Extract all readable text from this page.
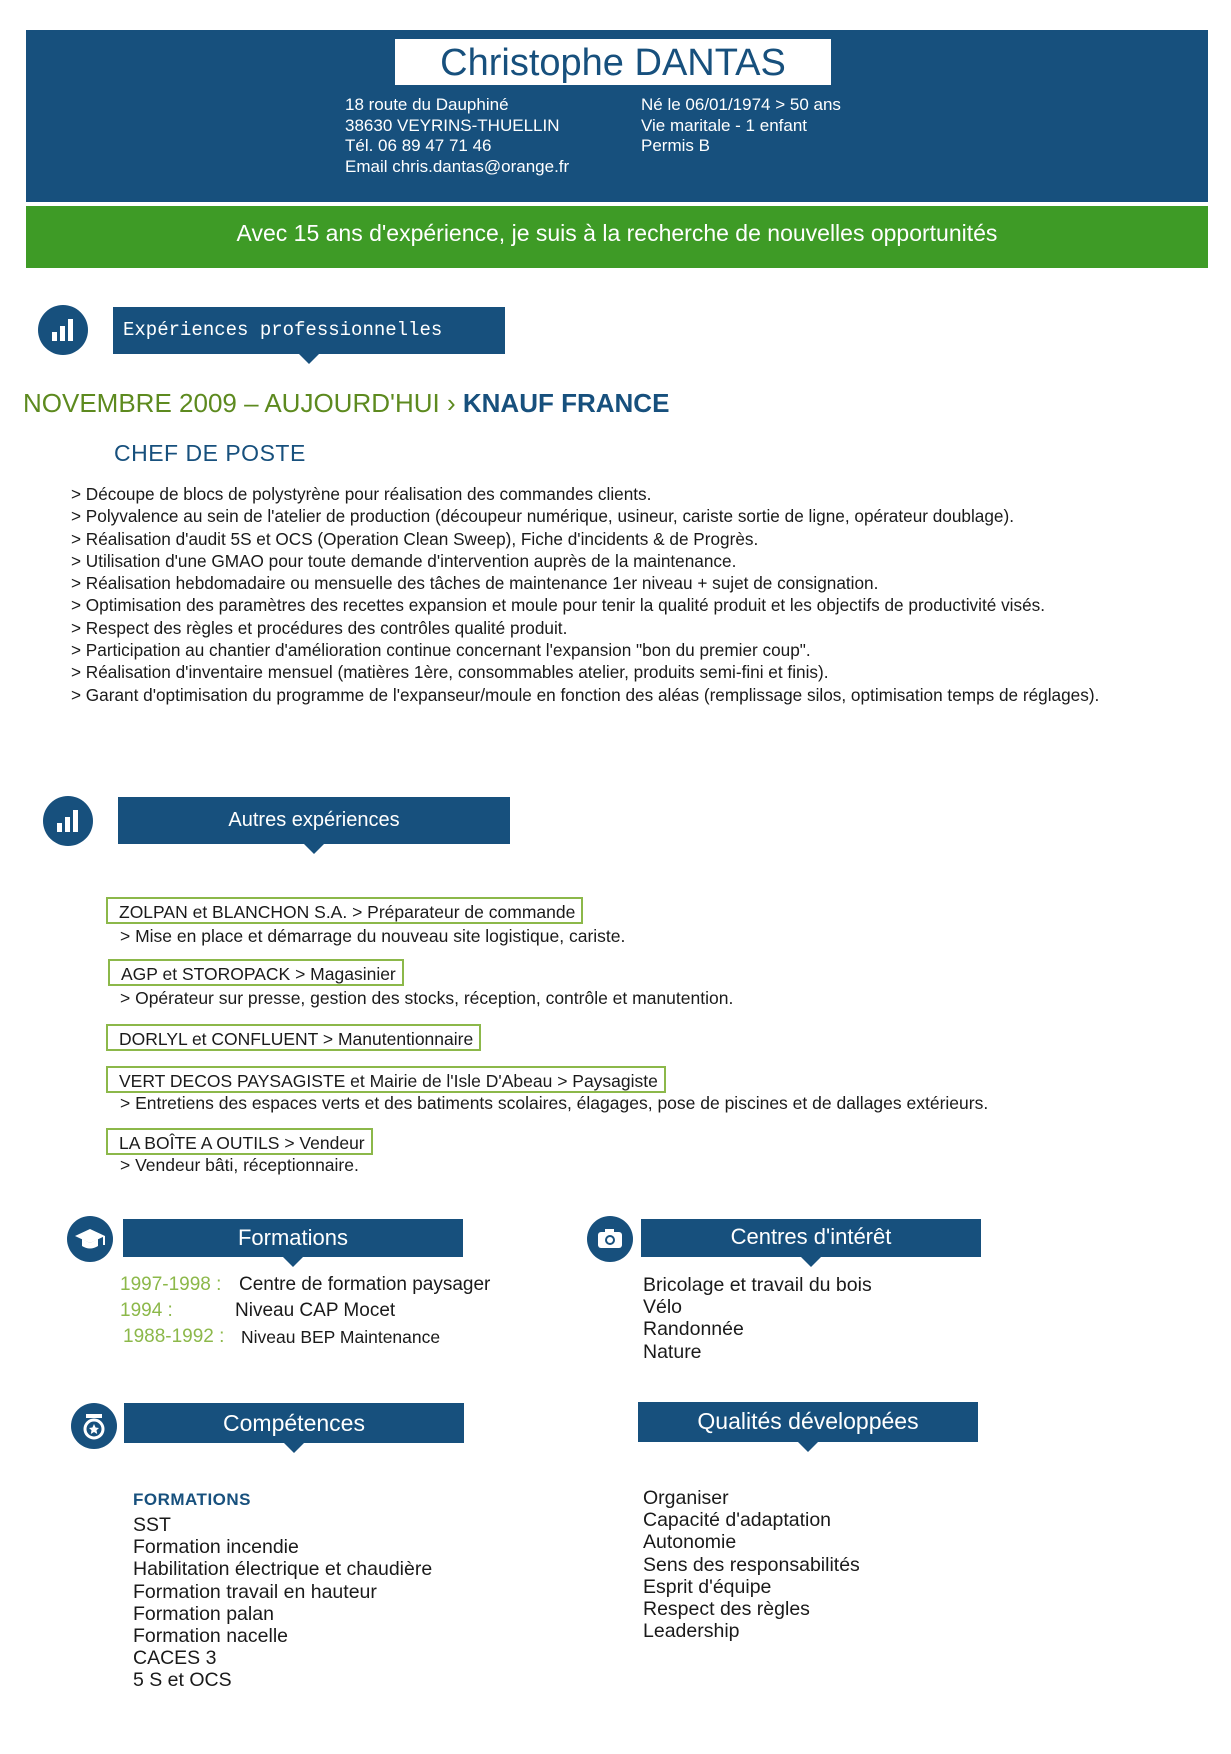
Christophe DANTAS
18 route du Dauphiné
38630 VEYRINS-THUELLIN
Tél. 06 89 47 71 46
Email chris.dantas@orange.fr
Né le 06/01/1974 > 50 ans
Vie maritale - 1 enfant
Permis B
Avec 15 ans d'expérience, je suis à la recherche de nouvelles opportunités
Expériences professionnelles
NOVEMBRE 2009 – AUJOURD'HUI › KNAUF FRANCE
CHEF DE POSTE
> Découpe de blocs de polystyrène pour réalisation des commandes clients.
> Polyvalence au sein de l'atelier de production (découpeur numérique, usineur, cariste sortie de ligne, opérateur doublage).
> Réalisation d'audit 5S et OCS (Operation Clean Sweep), Fiche d'incidents & de Progrès.
> Utilisation d'une GMAO pour toute demande d'intervention auprès de la maintenance.
> Réalisation hebdomadaire ou mensuelle des tâches de maintenance 1er niveau + sujet de consignation.
> Optimisation des paramètres des recettes expansion et moule pour tenir la qualité produit et les objectifs de productivité visés.
> Respect des règles et procédures des contrôles qualité produit.
> Participation au chantier d'amélioration continue concernant l'expansion "bon du premier coup".
> Réalisation d'inventaire mensuel (matières 1ère, consommables atelier, produits semi-fini et finis).
> Garant d'optimisation du programme de l'expanseur/moule en fonction des aléas (remplissage silos, optimisation temps de réglages).
Autres expériences
ZOLPAN et BLANCHON S.A. > Préparateur de commande
> Mise en place et démarrage du nouveau site logistique, cariste.
AGP et STOROPACK > Magasinier
> Opérateur sur presse, gestion des stocks, réception, contrôle et manutention.
DORLYL et CONFLUENT > Manutentionnaire
VERT DECOS PAYSAGISTE et Mairie de l'Isle D'Abeau > Paysagiste
> Entretiens des espaces verts et des batiments scolaires, élagages, pose de piscines et de dallages extérieurs.
LA BOÎTE A OUTILS > Vendeur
> Vendeur bâti, réceptionnaire.
Formations
1997-1998 : Centre de formation paysager
1994 :	Niveau CAP Mocet
1988-1992 : Niveau BEP Maintenance
Centres d'intérêt
Bricolage et travail du bois
Vélo
Randonnée
Nature
Compétences
FORMATIONS
SST
Formation incendie
Habilitation électrique et chaudière
Formation travail en hauteur
Formation palan
Formation nacelle
CACES 3
5 S et OCS
Qualités développées
Organiser
Capacité d'adaptation
Autonomie
Sens des responsabilités
Esprit d'équipe
Respect des règles
Leadership
